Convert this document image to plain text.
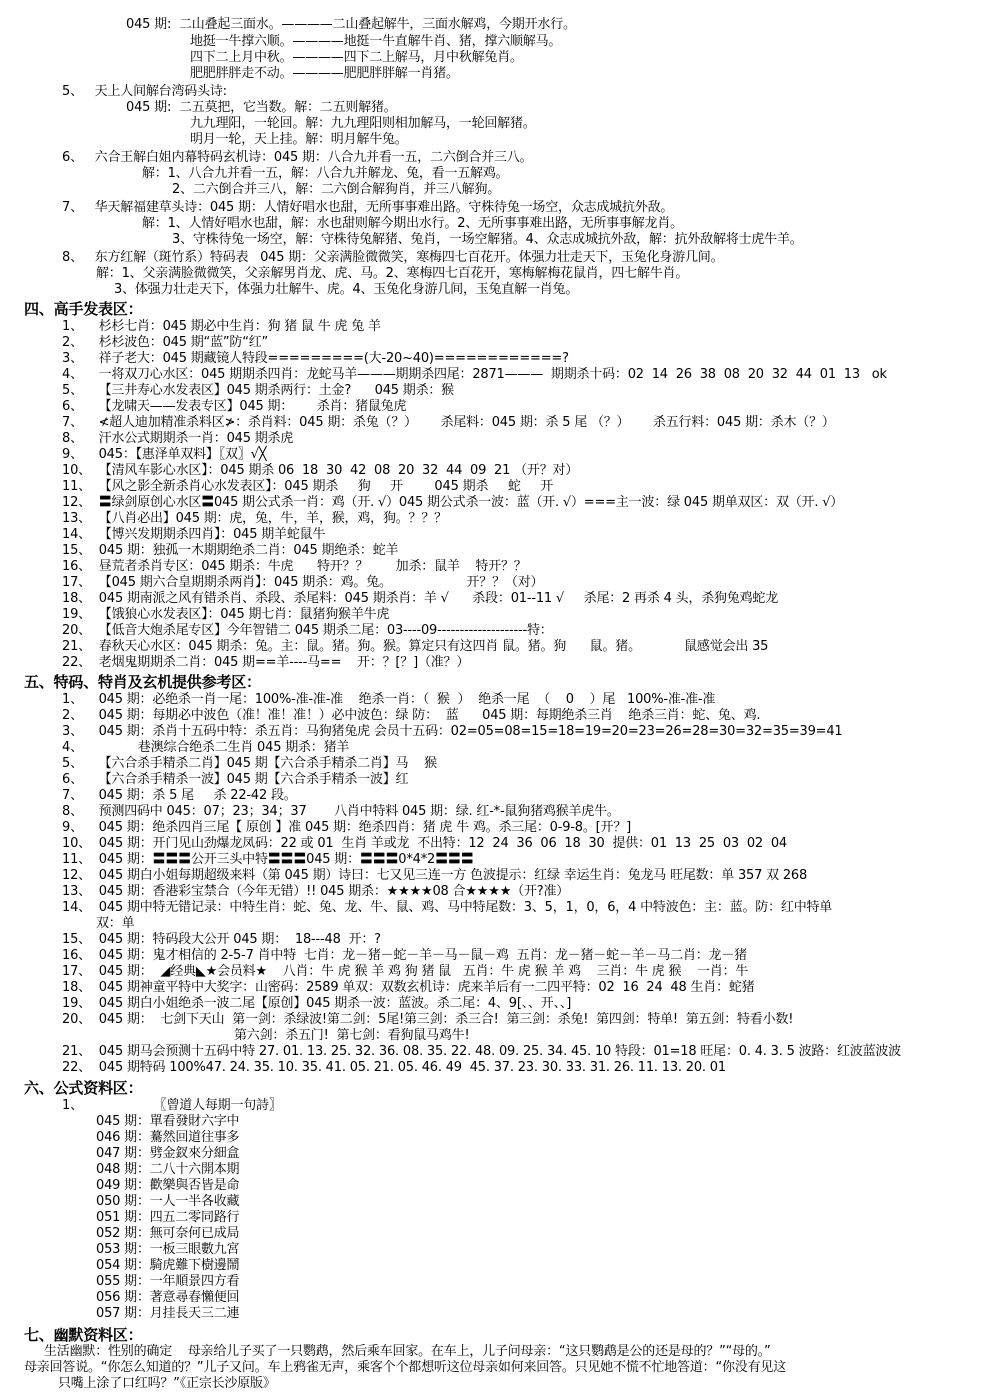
045 期:  二山叠起三面水。————二山叠起解牛，三面水解鸡，今期开水行。
地挺一牛撑六顺。————地挺一牛直解牛肖、猪，撑六顺解马。
四下二上月中秋。————四下二上解马，月中秋解兔肖。
肥肥胖胖走不动。————肥肥胖胖解一肖猪。
5、   天上人间解台湾码头诗:
045 期:  二五莫把，它当数。解：二五则解猪。
九九理阳，一轮回。解：九九理阳则相加解马，一轮回解猪。
明月一轮，天上挂。解：明月解牛兔。
6、   六合王解白姐内幕特码玄机诗：045 期：八合九并看一五，二六倒合并三八。
解：1、八合九并看一五，解：八合九并解龙、兔，看一五解鸡。
2、二六倒合并三八，解：二六倒合解狗肖，并三八解狗。
7、   华天解福建草头诗：045 期：人情好唱水也甜，无所事事难出路。守株待兔一场空，众志成城抗外敌。
解：1、人情好唱水也甜，解：水也甜则解今期出水行。2、无所事事难出路，无所事事解龙肖。
3、守株待兔一场空，解：守株待兔解猪、兔肖，一场空解猪。4、众志成城抗外敌，解：抗外敌解将士虎牛羊。
8、   东方红解（斑竹系）特码表   045 期：父亲满脸微微笑，寒梅四七百花开。体强力壮走天下，玉兔化身游几间。
解：1、父亲满脸微微笑，父亲解男肖龙、虎、马。2、寒梅四七百花开，寒梅解梅花鼠肖，四七解牛肖。
3、体强力壮走天下，体强力壮解牛、虎。4、玉兔化身游几间，玉兔直解一肖兔。
四、高手发表区：
1、    杉杉七肖：045 期必中生肖：狗 猪 鼠 牛 虎 兔 羊
2、    杉杉波色：045 期“蓝”防“红”
3、    祥子老大：045 期藏镜人特段=========(大-20~40)============?
4、    一将双刀心水区：045 期期杀四肖：龙蛇马羊———期期杀四尾：2871———  期期杀十码：02  14  26  38  08  20  32  44  01  13   ok
5、    【三井寿心水发表区】045 期杀两行：土金?      045 期杀：猴
6、    【龙啸天——发表专区】045 期：      杀肖：猪鼠兔虎
7、    ≮超人迪加精准杀料区≯：杀肖料：045 期：杀兔（？）      杀尾料：045 期：杀 5 尾 （？）      杀五行料：045 期：杀木（？）
8、    汗水公式期期杀一肖：045 期杀虎
9、    045：【惠泽单双料】〖双〗√╳
10、  【清风车影心水区】：045 期杀 06  18  30  42  08  20  32  44  09  21 （开？对）
11、  【风之影全新杀肖心水发表区】：045 期杀     狗     开        045 期杀     蛇     开
12、  〓绿剑原创心水区〓045 期公式杀一肖：鸡（开. √）045 期公式杀一波：蓝（开. √）===主一波：绿 045 期单双区：双（开. √）
13、  【八肖必出】045 期：虎，兔，牛，羊，猴，鸡，狗。？？？
14、  【博兴发期期杀四肖】：045 期羊蛇鼠牛
15、  045 期：独孤一木期期绝杀二肖：045 期绝杀：蛇羊
16、  昼荒者杀肖专区：045 期杀：牛虎      特开？？       加杀：鼠羊    特开？？
17、  【045 期六合皇期期杀两肖】：045 期杀：鸡。兔。                   开？？（对）
18、  045 期南派之风有错杀肖、杀段、杀尾料：045 期杀肖：羊 √      杀段：01--11 √     杀尾：2 再杀 4 头，杀狗兔鸡蛇龙
19、  【饿狼心水发表区】：045 期七肖：鼠猪狗猴羊牛虎
20、  【低音大炮杀尾专区】今年智错二 045 期杀二尾：03----09--------------------特：
21、  春秋天心水区：045 期杀：兔。主：鼠。猪。狗。猴。算定只有这四肖 鼠。猪。狗      鼠。猪。           鼠感觉会出 35
22、  老烟鬼期期杀二肖：045 期==羊----马==    开：？[？]（准？）
五、特码、特肖及玄机提供参考区：
1、    045 期：必绝杀一肖一尾：100%-准-准-准    绝杀一肖：（  猴  ）  绝杀一尾  （    0    ）尾   100%-准-准-准
2、    045 期：每期必中波色（准！准！准！）必中波色：绿 防：  蓝      045 期：每期绝杀三肖    绝杀三肖：蛇、兔、鸡.
3、    045 期：杀肖十五码中特：杀五肖：马狗猪兔虎 会员十五码：02=05=08=15=18=19=20=23=26=28=30=32=35=39=41
4、              巷澳综合绝杀二生肖 045 期杀：猪羊
5、    【六合杀手精杀二肖】045 期【六合杀手精杀二肖】马    猴
6、    【六合杀手精杀一波】045 期【六合杀手精杀一波】红
7、    045 期：杀 5 尾     杀 22-42 段。
8、    预测四码中 045：07；23；34；37       八肖中特料 045 期：绿. 红-*-鼠狗猪鸡猴羊虎牛。
9、    045 期：绝杀四肖三尾【 原创 】准 045 期：绝杀四肖：猪 虎 牛 鸡。杀三尾：0-9-8。[开？]
10、  045 期：开门见山劲爆龙凤码：22 或 01  生肖 羊或龙  不出特：12  24  36  06  18  30  提供：01  13  25  03  02  04
11、  045 期：〓〓〓公开三头中特〓〓〓045 期：〓〓〓0*4*2〓〓〓
12、  045 期白小姐每期超级来料（第 045 期）诗曰：七又见三连一方 色波提示：红绿 幸运生肖：兔龙马 旺尾数：单 357 双 268
13、  045 期：香港彩宝禁合（今年无错）!! 045 期杀：★★★★08 合★★★★（开?准）
14、  045 期中特无错记录：中特生肖：蛇、兔、龙、牛、鼠、鸡、马中特尾数：3、5，1，0，6，4 中特波色：主：蓝。防：红中特单
双：单
15、  045 期：特码段大公开 045 期：  18---48  开：?
16、  045 期：鬼才相信的 2-5-7 肖中特  七肖：龙－猪－蛇－羊－马－鼠－鸡  五肖：龙－猪－蛇－羊－马二肖：龙－猪
17、  045 期：  ◢经典◣★会员料★    八肖：牛 虎 猴 羊 鸡 狗 猪 鼠   五肖：牛 虎 猴 羊 鸡    三肖：牛 虎 猴    一肖：牛
18、  045 期神童平特中大奖字：山密码：2589 单双：双数玄机诗：虎来羊后有一二四平特：02  16  24  48 生肖：蛇猪
19、  045 期白小姐绝杀一波二尾【原创】045 期杀一波：蓝波。杀二尾：4、9[、、开、、]
20、  045 期：  七剑下天山  第一剑：杀绿波!第二剑：5尾!第三剑：杀三合!  第三剑：杀兔!  第四剑：特单!  第五剑：特看小数!
第六剑：杀五门!  第七剑：看狗鼠马鸡牛!
21、  045 期马会预测十五码中特 27. 01. 13. 25. 32. 36. 08. 35. 22. 48. 09. 25. 34. 45. 10 特段：01=18 旺尾：0. 4. 3. 5 波路：红波蓝波波
22、  045 期特码 100%47. 24. 35. 10. 35. 41. 05. 21. 05. 46. 49  45. 37. 23. 30. 33. 31. 26. 11. 13. 20. 01
六、公式资料区：
1、                  〖曾道人每期一句詩〗
045 期：單看發財六字中
046 期：驀然回道往事多
047 期：劈金釵來分細盒
048 期：二八十六開本期
049 期：歡樂與否皆是命
050 期：一人一半各收藏
051 期：四五二零同路行
052 期：無可奈何已成局
053 期：一板三眼數九宮
054 期：騎虎難下樹邊鬧
055 期：一年順景四方看
056 期：著意尋春懶便回
057 期：月挂長天三二連
七、幽默资料区：
生活幽默：性别的确定    母亲给儿子买了一只鹦鹉，然后乘车回家。在车上，儿子问母亲：“这只鹦鹉是公的还是母的？”“母的。”
母亲回答说。“你怎么知道的？”儿子又问。车上鸦雀无声，乘客个个都想听这位母亲如何来回答。只见她不慌不忙地答道：“你没有见这
只嘴上涂了口红吗？”《正宗长沙原版》
